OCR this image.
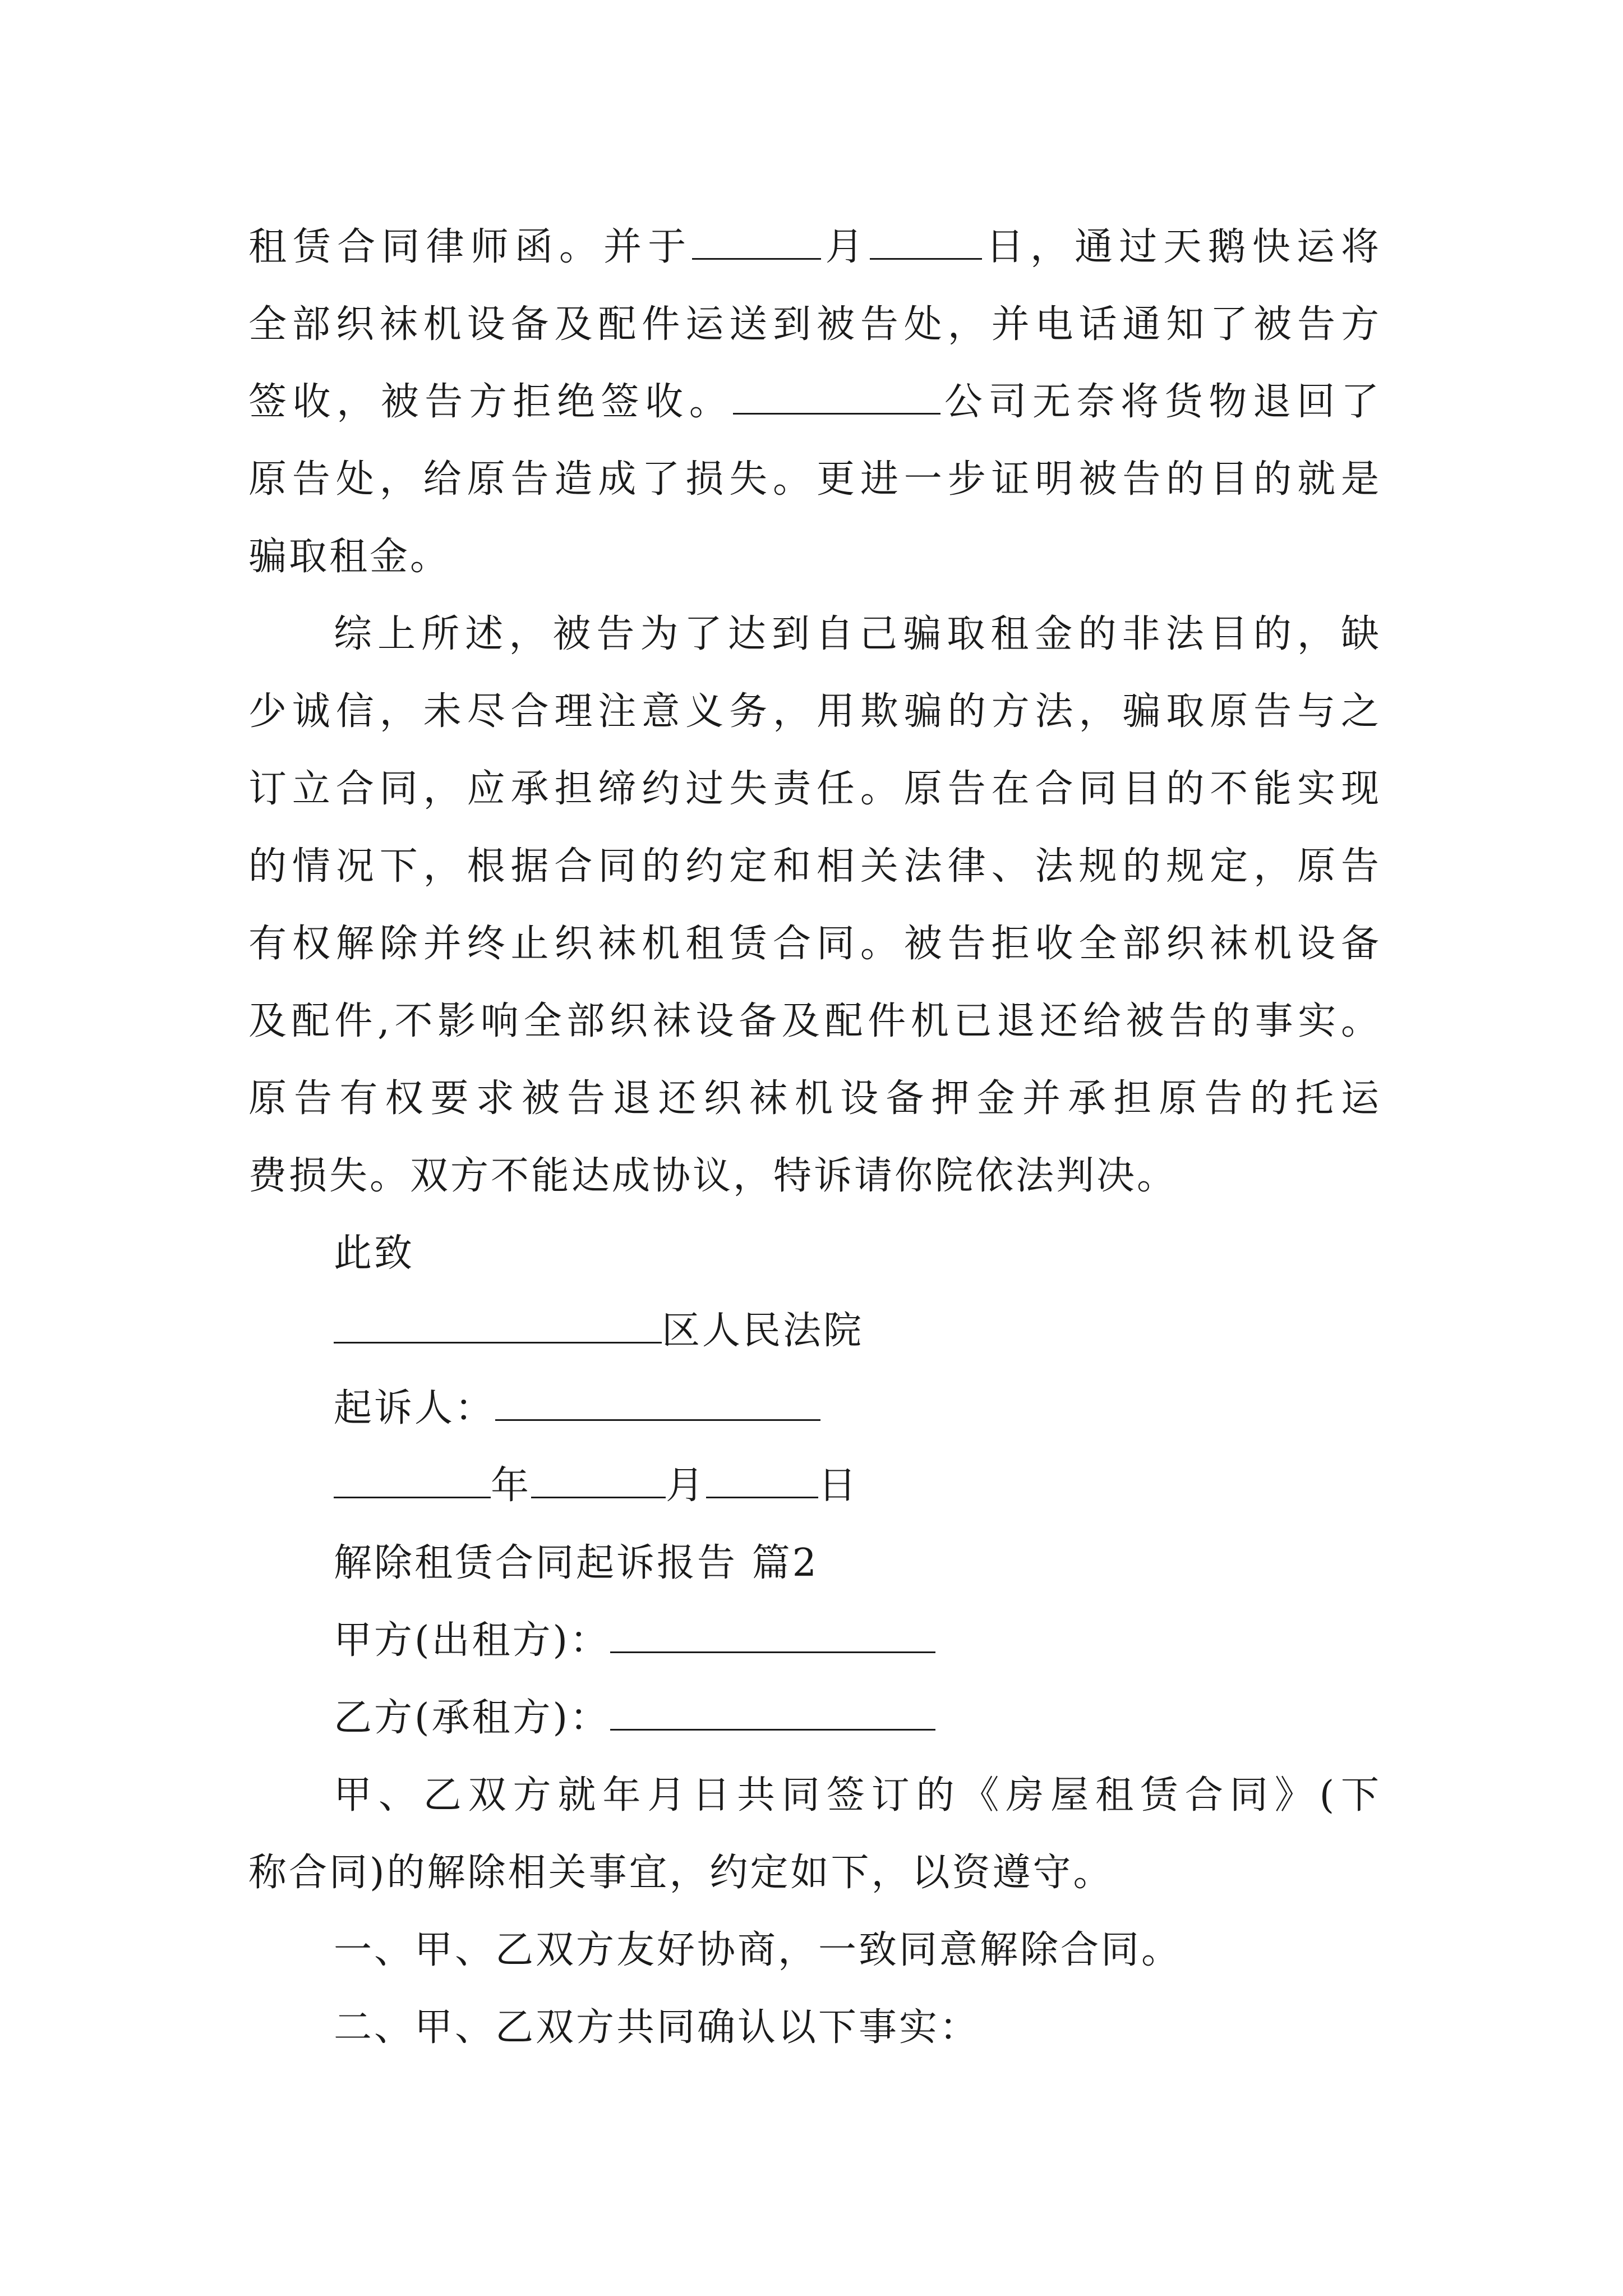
租赁合同律师函。并于	月	日，通过天鹅快运将
全部织袜机设备及配件运送到被告处，并电话通知了被告方
签收，被告方拒绝签收。	公司无奈将货物退回了
原告处，给原告造成了损失。更进一步证明被告的目的就是
骗取租金。
综上所述，被告为了达到自己骗取租金的非法目的，缺
少诚信，未尽合理注意义务，用欺骗的方法，骗取原告与之
订立合同，应承担缔约过失责任。原告在合同目的不能实现
的情况下，根据合同的约定和相关法律、法规的规定，原告
有权解除并终止织袜机租赁合同。被告拒收全部织袜机设备
及配件,不影响全部织袜设备及配件机已退还给被告的事实。
原告有权要求被告退还织袜机设备押金并承担原告的托运
费损失。双方不能达成协议，特诉请你院依法判决。
此致
区人民法院
起诉人：
年	月	日
解除租赁合同起诉报告 篇2
甲方(出租方)：
乙方(承租方)：
甲、乙双方就年月日共同签订的《房屋租赁合同》(下
称合同)的解除相关事宜，约定如下，以资遵守。
一、甲、乙双方友好协商，一致同意解除合同。
二、甲、乙双方共同确认以下事实：
